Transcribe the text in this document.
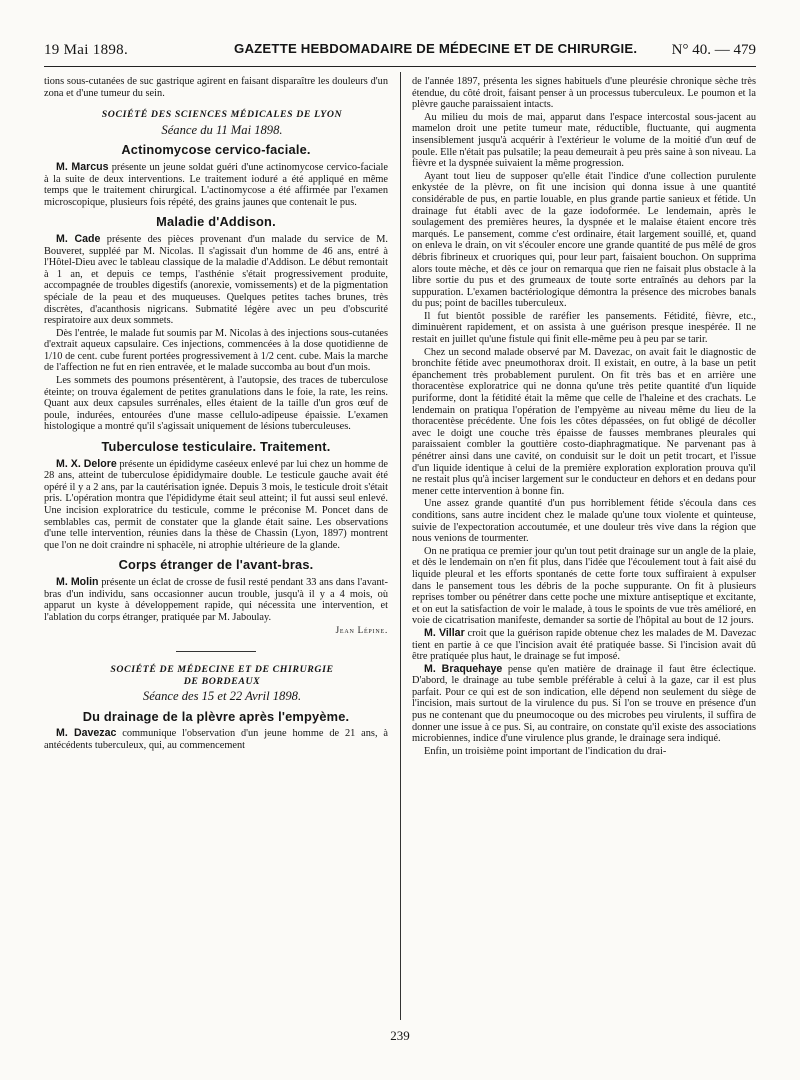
19 Mai 1898.	GAZETTE HEBDOMADAIRE DE MÉDECINE ET DE CHIRURGIE. N° 40. — 479

tions sous-cutanées de suc gastrique agirent en faisant disparaître les douleurs d'un zona et d'une tumeur du sein.

SOCIÉTÉ DES SCIENCES MÉDICALES DE LYON

Séance du 11 Mai 1898.

Actinomycose cervico-faciale.

M. Marcus présente un jeune soldat guéri d'une actinomycose cervico-faciale à la suite de deux interventions. Le traitement ioduré a été appliqué en même temps que le traitement chirurgical. L'actinomycose a été affirmée par l'examen microscopique, plusieurs fois répété, des grains jaunes que contenait le pus.

Maladie d'Addison.

M. Cade présente des pièces provenant d'un malade du service de M. Bouveret, suppléé par M. Nicolas. Il s'agissait d'un homme de 46 ans, entré à l'Hôtel-Dieu avec le tableau classique de la maladie d'Addison. Le début remontait à 1 an, et depuis ce temps, l'asthénie s'était progressivement produite, accompagnée de troubles digestifs (anorexie, vomissements) et de la pigmentation spéciale de la peau et des muqueuses. Quelques petites taches brunes, très discrètes, d'acanthosis nigricans. Submatité légère avec un peu d'obscurité respiratoire aux deux sommets.

Dès l'entrée, le malade fut soumis par M. Nicolas à des injections sous-cutanées d'extrait aqueux capsulaire. Ces injections, commencées à la dose quotidienne de 1/10 de cent. cube furent portées progressivement à 1/2 cent. cube. Mais la marche de l'affection ne fut en rien entravée, et le malade succomba au bout d'un mois.

Les sommets des poumons présentèrent, à l'autopsie, des traces de tuberculose éteinte; on trouva également de petites granulations dans le foie, la rate, les reins. Quant aux deux capsules surrénales, elles étaient de la taille d'un gros œuf de poule, indurées, entourées d'une masse cellulo-adipeuse épaissie. L'examen histologique a montré qu'il s'agissait uniquement de lésions tuberculeuses.

Tuberculose testiculaire. Traitement.

M. X. Delore présente un épididyme caséeux enlevé par lui chez un homme de 28 ans, atteint de tuberculose épididymaire double. Le testicule gauche avait été opéré il y a 2 ans, par la cautérisation ignée. Depuis 3 mois, le testicule droit s'était pris. L'opération montra que l'épididyme était seul atteint; il fut aussi seul enlevé. Une incision exploratrice du testicule, comme le préconise M. Poncet dans de semblables cas, permit de constater que la glande était saine. Les observations d'une telle intervention, réunies dans la thèse de Chassin (Lyon, 1897) montrent que l'on ne doit craindre ni sphacèle, ni atrophie ultérieure de la glande.

Corps étranger de l'avant-bras.

M. Molin présente un éclat de crosse de fusil resté pendant 33 ans dans l'avant-bras d'un individu, sans occasionner aucun trouble, jusqu'à il y a 4 mois, où apparut un kyste à développement rapide, qui nécessita une intervention, et l'ablation du corps étranger, pratiquée par M. Jaboulay.

Jean Lépine.

SOCIÉTÉ DE MÉDECINE ET DE CHIRURGIE

DE BORDEAUX

Séance des 15 et 22 Avril 1898.

Du drainage de la plèvre après l'empyème.

M. Davezac communique l'observation d'un jeune homme de 21 ans, à antécédents tuberculeux, qui, au commencement

de l'année 1897, présenta les signes habituels d'une pleurésie chronique sèche très étendue, du côté droit, faisant penser à un processus tuberculeux. Le poumon et la plèvre gauche paraissaient intacts.

Au milieu du mois de mai, apparut dans l'espace intercostal sous-jacent au mamelon droit une petite tumeur mate, réductible, fluctuante, qui augmenta insensiblement jusqu'à acquérir à l'extérieur le volume de la moitié d'un œuf de poule. Elle n'était pas pulsatile; la peau demeurait à peu près saine à son niveau. La fièvre et la dyspnée suivaient la même progression.

Ayant tout lieu de supposer qu'elle était l'indice d'une collection purulente enkystée de la plèvre, on fit une incision qui donna issue à une quantité considérable de pus, en partie louable, en plus grande partie sanieux et fétide. Un drainage fut établi avec de la gaze iodoformée. Le lendemain, après le soulagement des premières heures, la dyspnée et le malaise étaient encore très marqués. Le pansement, comme c'est ordinaire, était largement souillé, et, quand on enleva le drain, on vit s'écouler encore une grande quantité de pus mêlé de gros débris fibrineux et cruoriques qui, pour leur part, faisaient bouchon. On supprima alors toute mèche, et dès ce jour on remarqua que rien ne faisait plus obstacle à la libre sortie du pus et des grumeaux de toute sorte entraînés au dehors par la suppuration. L'examen bactériologique démontra la présence des microbes banals du pus; point de bacilles tuberculeux.

Il fut bientôt possible de raréfier les pansements. Fétidité, fièvre, etc., diminuèrent rapidement, et on assista à une guérison presque inespérée. Il ne restait en juillet qu'une fistule qui finit elle-même peu à peu par se tarir.

Chez un second malade observé par M. Davezac, on avait fait le diagnostic de bronchite fétide avec pneumothorax droit. Il existait, en outre, à la base un petit épanchement très probablement purulent. On fit très bas et en arrière une thoracentèse exploratrice qui ne donna qu'une très petite quantité d'un liquide puriforme, dont la fétidité était la même que celle de l'haleine et des crachats. Le lendemain on pratiqua l'opération de l'empyème au niveau même du lieu de la thoracentèse précédente. Une fois les côtes dépassées, on fut obligé de décoller avec le doigt une couche très épaisse de fausses membranes pleurales qui paraissaient combler la gouttière costo-diaphragmatique. Ne parvenant pas à pénétrer ainsi dans une cavité, on conduisit sur le doit un petit trocart, et l'issue d'un liquide identique à celui de la première exploration exploration prouva qu'il ne restait plus qu'à inciser largement sur le conducteur en dehors et en dedans pour mener cette intervention à bonne fin.

Une assez grande quantité d'un pus horriblement fétide s'écoula dans ces conditions, sans autre incident chez le malade qu'une toux violente et quinteuse, suivie de l'expectoration accoutumée, et une douleur très vive dans la région que nous venions de tourmenter.

On ne pratiqua ce premier jour qu'un tout petit drainage sur un angle de la plaie, et dès le lendemain on n'en fit plus, dans l'idée que l'écoulement tout à fait aisé du liquide pleural et les efforts spontanés de cette forte toux suffiraient à expulser dans le pansement tous les débris de la poche suppurante. On fit à plusieurs reprises tomber ou pénétrer dans cette poche une mixture antiseptique et excitante, et on eut la satisfaction de voir le malade, à tous le spoints de vue très amélioré, en voie de cicatrisation manifeste, demander sa sortie de l'hôpital au bout de 12 jours.

M. Villar croit que la guérison rapide obtenue chez les malades de M. Davezac tient en partie à ce que l'incision avait été pratiquée basse. Si l'incision avait dû être pratiquée plus haut, le drainage se fut imposé.

M. Braquehaye pense qu'en matière de drainage il faut être éclectique. D'abord, le drainage au tube semble préférable à celui à la gaze, car il est plus parfait. Pour ce qui est de son indication, elle dépend non seulement du siège de l'incision, mais surtout de la virulence du pus. Si l'on se trouve en présence d'un pus ne contenant que du pneumocoque ou des microbes peu virulents, il suffira de donner une issue à ce pus. Si, au contraire, on constate qu'il existe des associations microbiennes, indice d'une virulence plus grande, le drainage sera indiqué.

Enfin, un troisième point important de l'indication du drai-

239
